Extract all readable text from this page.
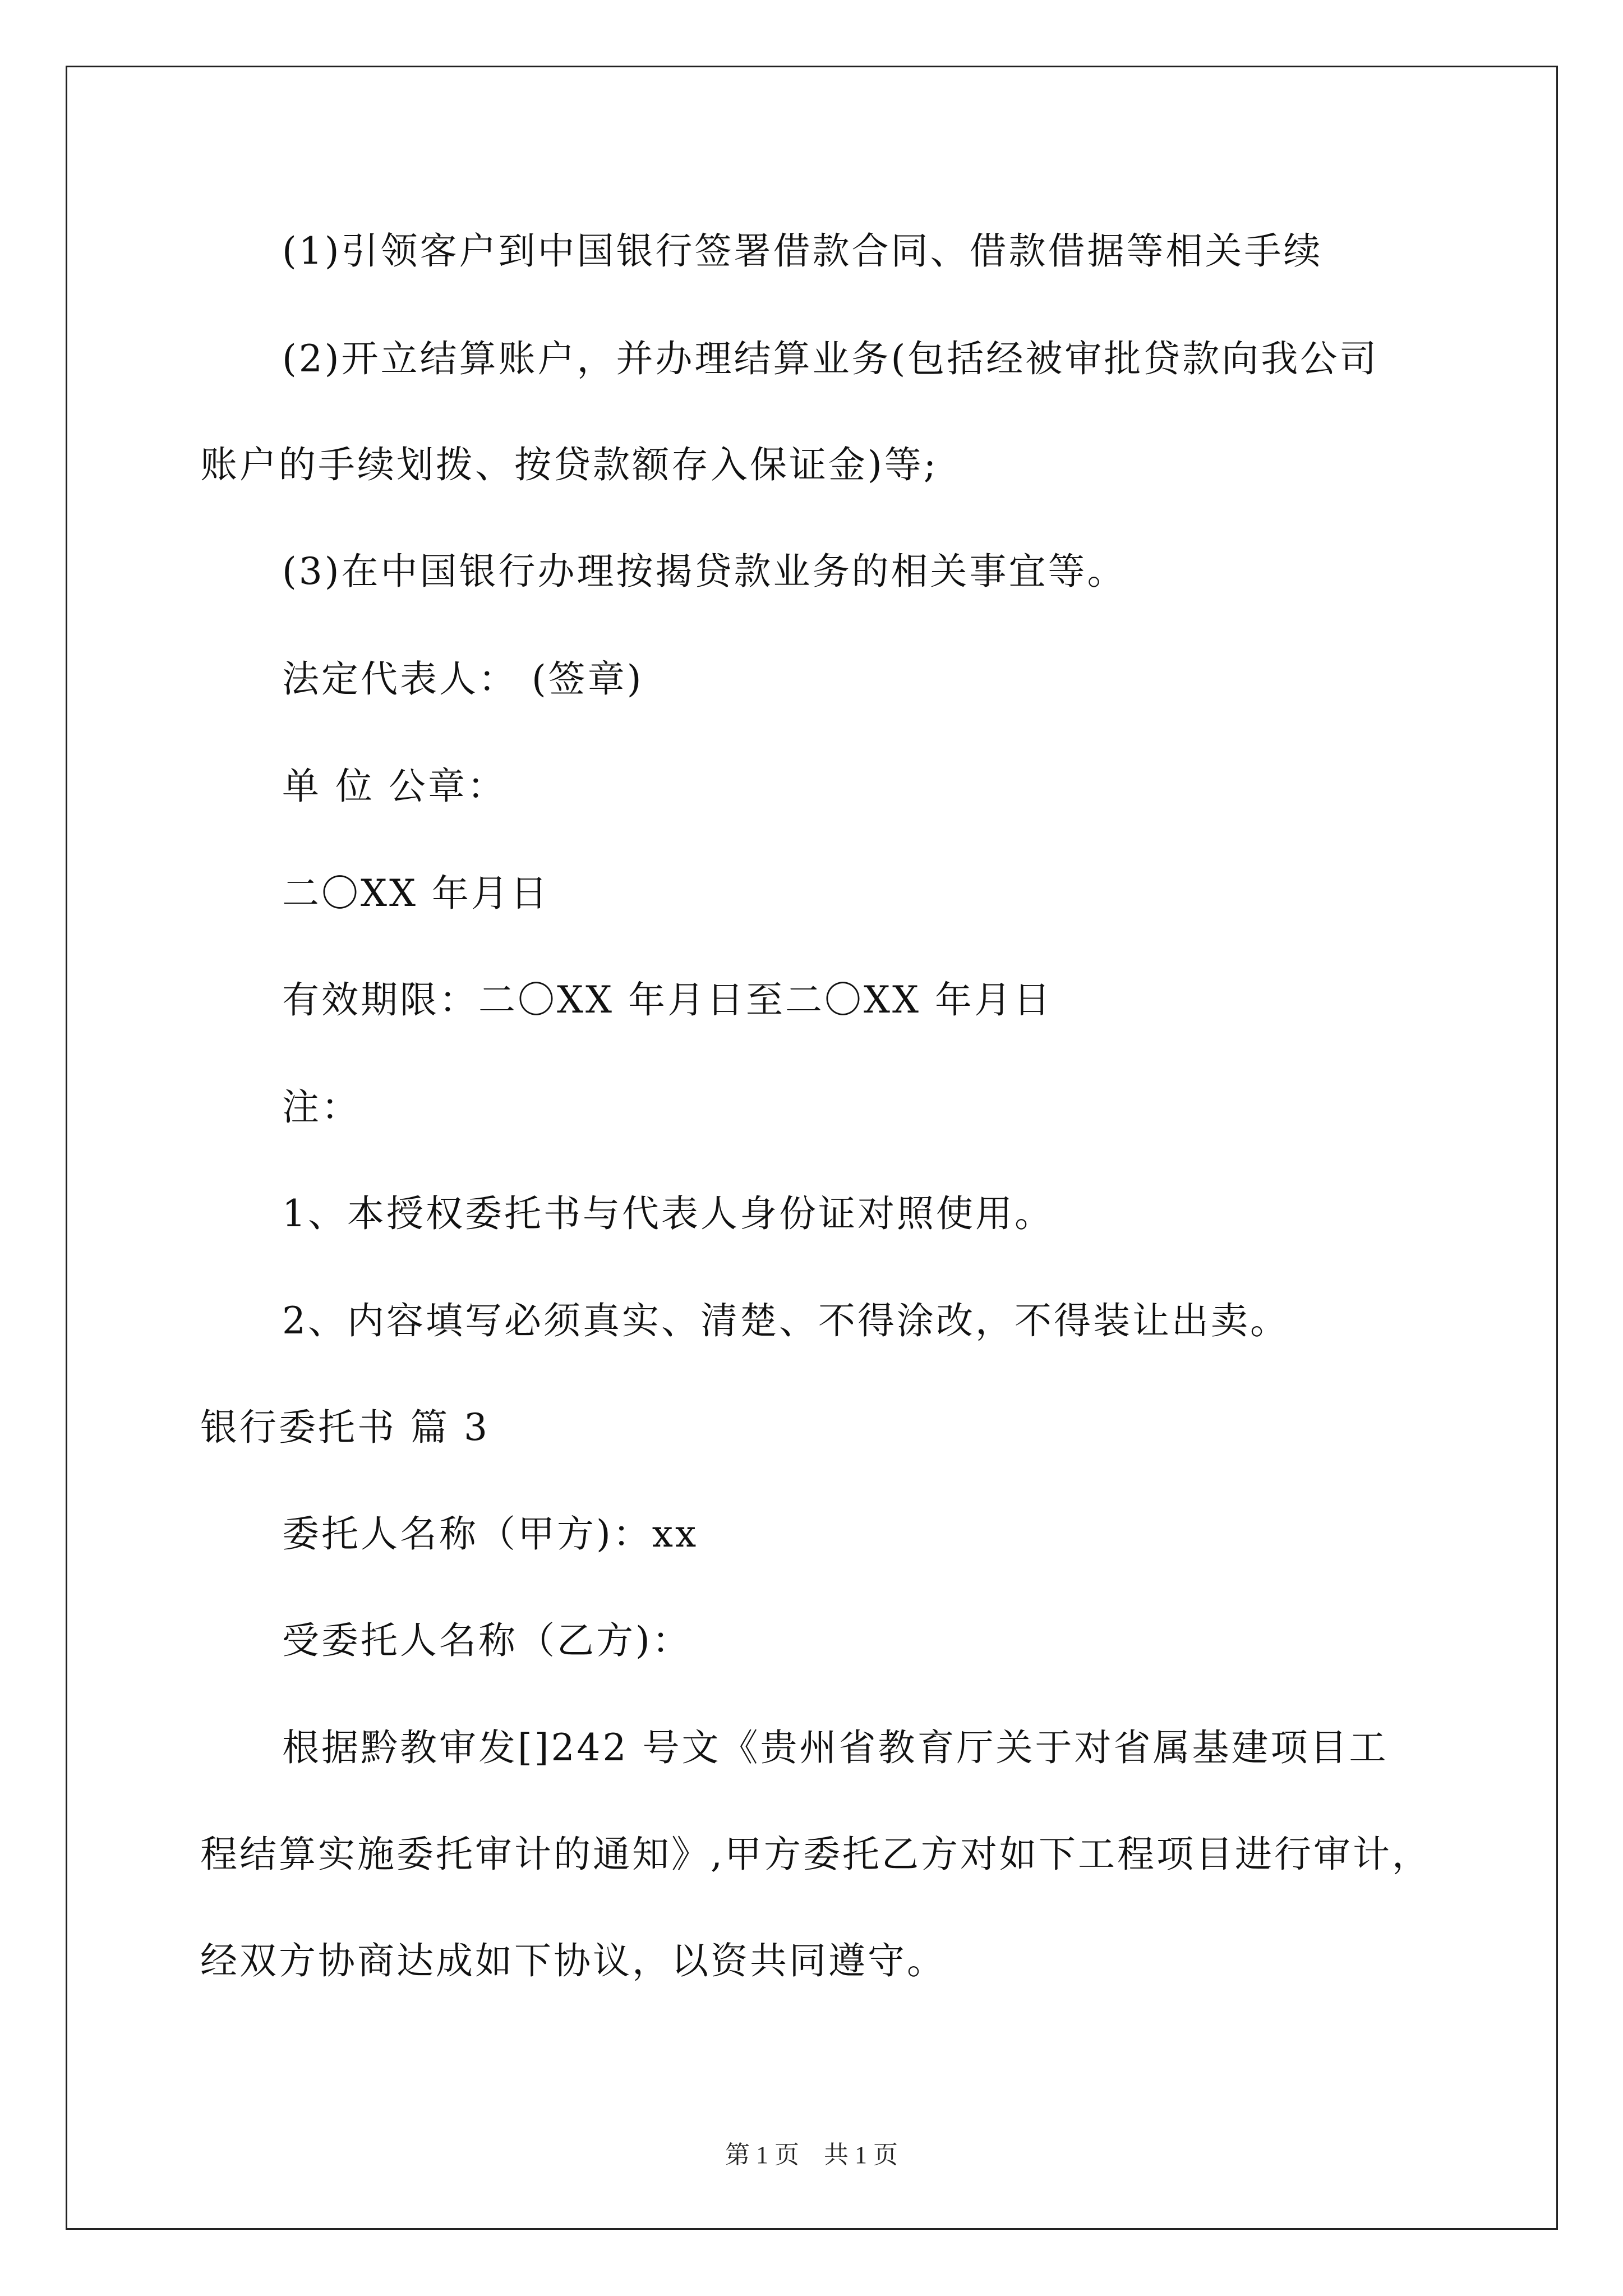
(1)引领客户到中国银行签署借款合同、借款借据等相关手续
(2)开立结算账户，并办理结算业务(包括经被审批贷款向我公司
账户的手续划拨、按贷款额存入保证金)等;
(3)在中国银行办理按揭贷款业务的相关事宜等。
法定代表人： (签章)
单 位 公章：
二〇XX 年月日
有效期限：二〇XX 年月日至二〇XX 年月日
注：
1、本授权委托书与代表人身份证对照使用。
2、内容填写必须真实、清楚、不得涂改，不得装让出卖。
银行委托书 篇 3
委托人名称（甲方)：xx
受委托人名称（乙方)：
根据黔教审发[]242 号文《贵州省教育厅关于对省属基建项目工
程结算实施委托审计的通知》,甲方委托乙方对如下工程项目进行审计，
经双方协商达成如下协议，以资共同遵守。
第 1 页    共 1 页
